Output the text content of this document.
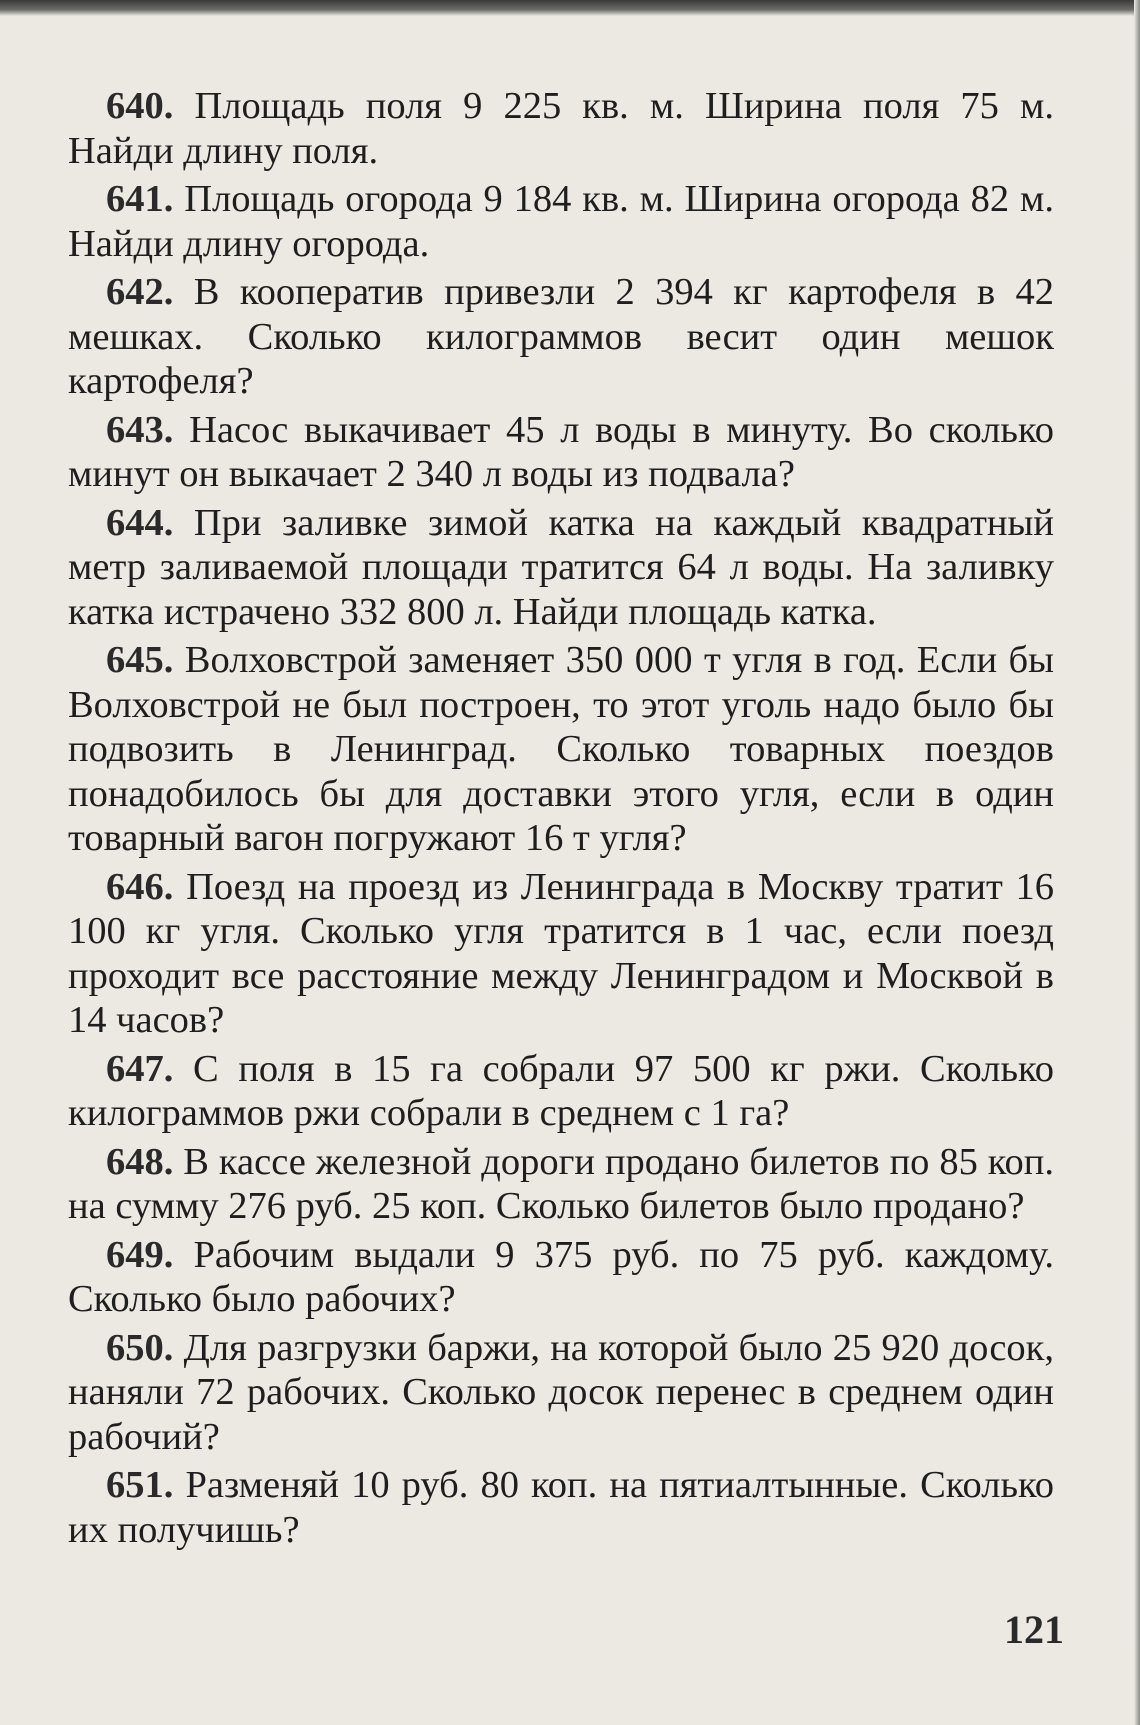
640. Площадь поля 9 225 кв. м. Ширина поля 75 м. Найди длину поля.

641. Площадь огорода 9 184 кв. м. Ширина огорода 82 м. Найди длину огорода.

642. В кооператив привезли 2 394 кг картофеля в 42 мешках. Сколько килограммов весит один мешок картофеля?

643. Насос выкачивает 45 л воды в минуту. Во сколько минут он выкачает 2 340 л воды из подвала?

644. При заливке зимой катка на каждый квадратный метр заливаемой площади тратится 64 л воды. На заливку катка истрачено 332 800 л. Найди площадь катка.

645. Волховстрой заменяет 350 000 т угля в год. Если бы Волховстрой не был построен, то этот уголь надо было бы подвозить в Ленинград. Сколько товарных поездов понадобилось бы для доставки этого угля, если в один товарный вагон погружают 16 т угля?

646. Поезд на проезд из Ленинграда в Москву тратит 16 100 кг угля. Сколько угля тратится в 1 час, если поезд проходит все расстояние между Ленинградом и Москвой в 14 часов?

647. С поля в 15 га собрали 97 500 кг ржи. Сколько килограммов ржи собрали в среднем с 1 га?

648. В кассе железной дороги продано билетов по 85 коп. на сумму 276 руб. 25 коп. Сколько билетов было продано?

649. Рабочим выдали 9 375 руб. по 75 руб. каждому. Сколько было рабочих?

650. Для разгрузки баржи, на которой было 25 920 досок, наняли 72 рабочих. Сколько досок перенес в среднем один рабочий?

651. Разменяй 10 руб. 80 коп. на пятиалтынные. Сколько их получишь?

121
